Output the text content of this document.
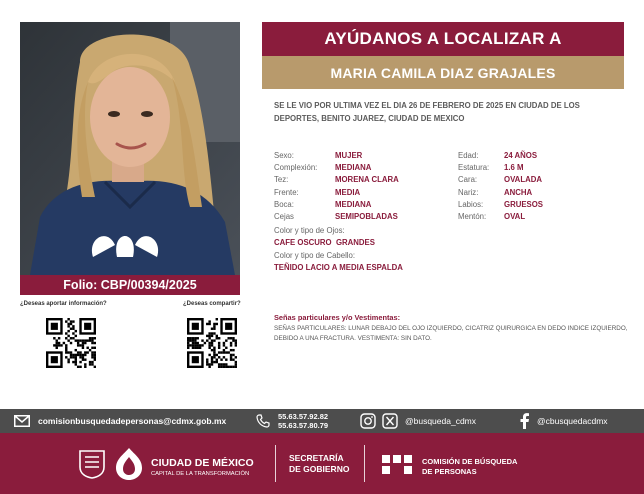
Folio: CBP/00394/2025
¿Deseas aportar información?	¿Deseas compartir?
AYÚDANOS A LOCALIZAR A
MARIA CAMILA DIAZ GRAJALES
SE LE VIO POR ULTIMA VEZ EL DIA 26 DE FEBRERO DE 2025 EN CIUDAD DE LOS DEPORTES, BENITO JUAREZ, CIUDAD DE MEXICO
Sexo:	MUJER
Complexión: MEDIANA
Tez:	MORENA CLARA
Frente:	MEDIA
Boca:	MEDIANA
Cejas	SEMIPOBLADAS
Edad:	24 AÑOS
Estatura: 1.6 M
Cara:	OVALADA
Nariz:	ANCHA
Labios:	GRUESOS
Mentón: OVAL
Color y tipo de Ojos:
CAFE OSCURO  GRANDES
Color y tipo de Cabello:
TEÑIDO LACIO A MEDIA ESPALDA
Señas particulares y/o Vestimentas:
SEÑAS PARTICULARES: LUNAR DEBAJO DEL OJO IZQUIERDO, CICATRIZ QUIRURGICA EN DEDO INDICE IZQUIERDO, DEBIDO A UNA FRACTURA. VESTIMENTA: SIN DATO.
comisionbusquedadepersonas@cdmx.gob.mx	55.63.57.92.82
55.63.57.80.79	@busqueda_cdmx	@cbusquedacdmx
CIUDAD DE MÉXICO
CAPITAL DE LA TRANSFORMACIÓN
SECRETARÍA
DE GOBIERNO
COMISIÓN DE BÚSQUEDA
DE PERSONAS
